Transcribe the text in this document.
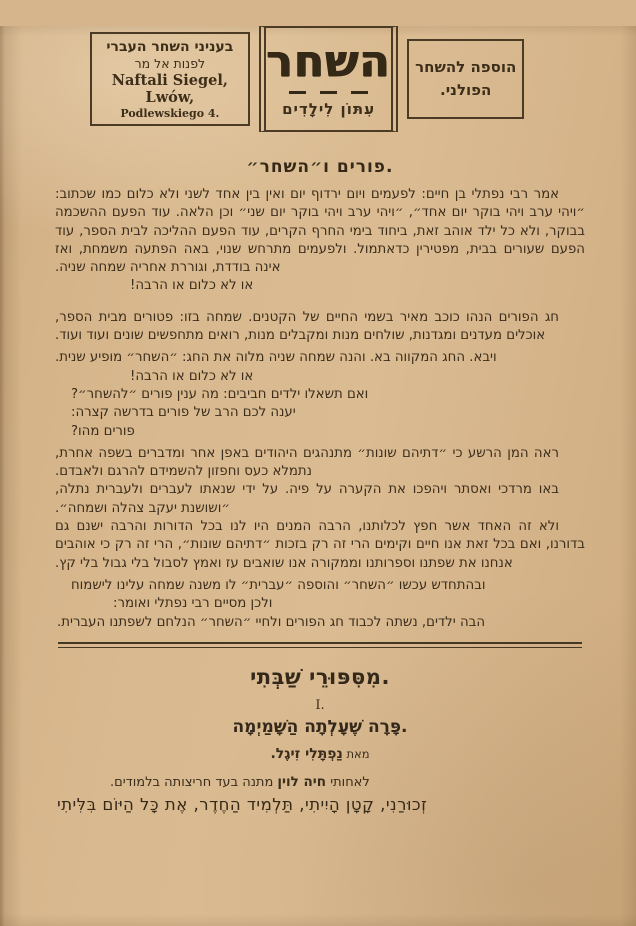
הוספה להשחר
הפולני.
השחר
עִתּוֹן לִילָדִים
בעניני השחר העברי
לפנות אל מר
Naftali Siegel, Lwów,
Podlewskiego 4.
פורים ו״השחר״.

אמר רבי נפתלי בן חיים: לפעמים ויום ירדוף יום ואין בין אחד לשני ולא כלום כמו שכתוב: ״ויהי ערב ויהי בוקר יום אחד״, ״ויהי ערב ויהי בוקר יום שני״ וכן הלאה. עוד הפעם ההשכמה בבוקר, ולא כל ילד אוהב זאת, ביחוד בימי החרף הקרים, עוד הפעם ההליכה לבית הספר, עוד הפעם שעורים בבית, מפטירין כדאתמול. ולפעמים מתרחש שנוי, באה הפתעה משמחת, ואז אינה בודדת, וגוררת אחריה שמחה שניה.

או לא כלום או הרבה!

חג הפורים הנהו כוכב מאיר בשמי החיים של הקטנים. שמחה בזו: פטורים מבית הספר, אוכלים מעדנים ומגדנות, שולחים מנות ומקבלים מנות, רואים מתחפשים שונים ועוד ועוד.

ויבא. החג המקווה בא. והנה שמחה שניה מלוה את החג: ״השחר״ מופיע שנית.

או לא כלום או הרבה!

ואם תשאלו ילדים חביבים: מה ענין פורים ״להשחר״?

יענה לכם הרב של פורים בדרשה קצרה:

פורים מהו?

ראה המן הרשע כי ״דתיהם שונות״ מתנהגים היהודים באפן אחר ומדברים בשפה אחרת, נתמלא כעס וחפזון להשמידם להרגם ולאבדם.

באו מרדכי ואסתר ויהפכו את הקערה על פיה. על ידי שנאתו לעברים ולעברית נתלה, ״ושושנת יעקב צהלה ושמחה״.

ולא זה האחד אשר חפץ לכלותנו, הרבה המנים היו לנו בכל הדורות והרבה ישנם גם בדורנו, ואם בכל זאת אנו חיים וקימים הרי זה רק בזכות ״דתיהם שונות״, הרי זה רק כי אוהבים אנחנו את שפתנו וספרותנו וממקורה אנו שואבים עז ואמץ לסבול בלי גבול בלי קץ.

ובהתחדש עכשו ״השחר״ והוספה ״עברית״ לו משנה שמחה עלינו לישמוח

ולכן מסיים רבי נפתלי ואומר:

הבה ילדים, נשתה לכבוד חג הפורים ולחיי ״השחר״ הנלחם לשפתנו העברית.

מִסִּפּוּרֵי שַׁבְּתִי.
I.
פָּרָה שֶׁעָלְתָה הַשָּׁמַיְמָה.
מאת נַפְתָּלִי זִיגֶל.
לאחותי חיה לוין מתנה בעד חריצותה בלמודים.
זְכוּרַנִי, קָטָן הָיִיתִי, תַּלְמִיד הַחֶדֶר, אֶת כָּל הַיּוֹם בִּלִּיתִי
